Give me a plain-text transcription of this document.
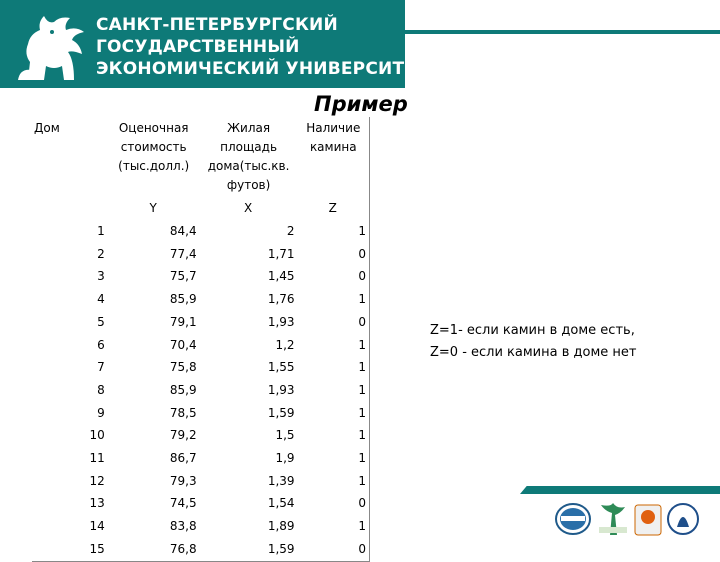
САНКТ-ПЕТЕРБУРГСКИЙ
ГОСУДАРСТВЕННЫЙ
ЭКОНОМИЧЕСКИЙ УНИВЕРСИТЕТ
Пример
Дом	Оценочная стоимость (тыс.долл.)	Жилая площадь дома(тыс.кв. футов)	Наличие камина
	Y	X	Z
1	84,4	2	1
2	77,4	1,71	0
3	75,7	1,45	0
4	85,9	1,76	1
5	79,1	1,93	0
6	70,4	1,2	1
7	75,8	1,55	1
8	85,9	1,93	1
9	78,5	1,59	1
10	79,2	1,5	1
11	86,7	1,9	1
12	79,3	1,39	1
13	74,5	1,54	0
14	83,8	1,89	1
15	76,8	1,59	0
Z=1- если камин в доме есть,
Z=0 - если камина в доме нет
